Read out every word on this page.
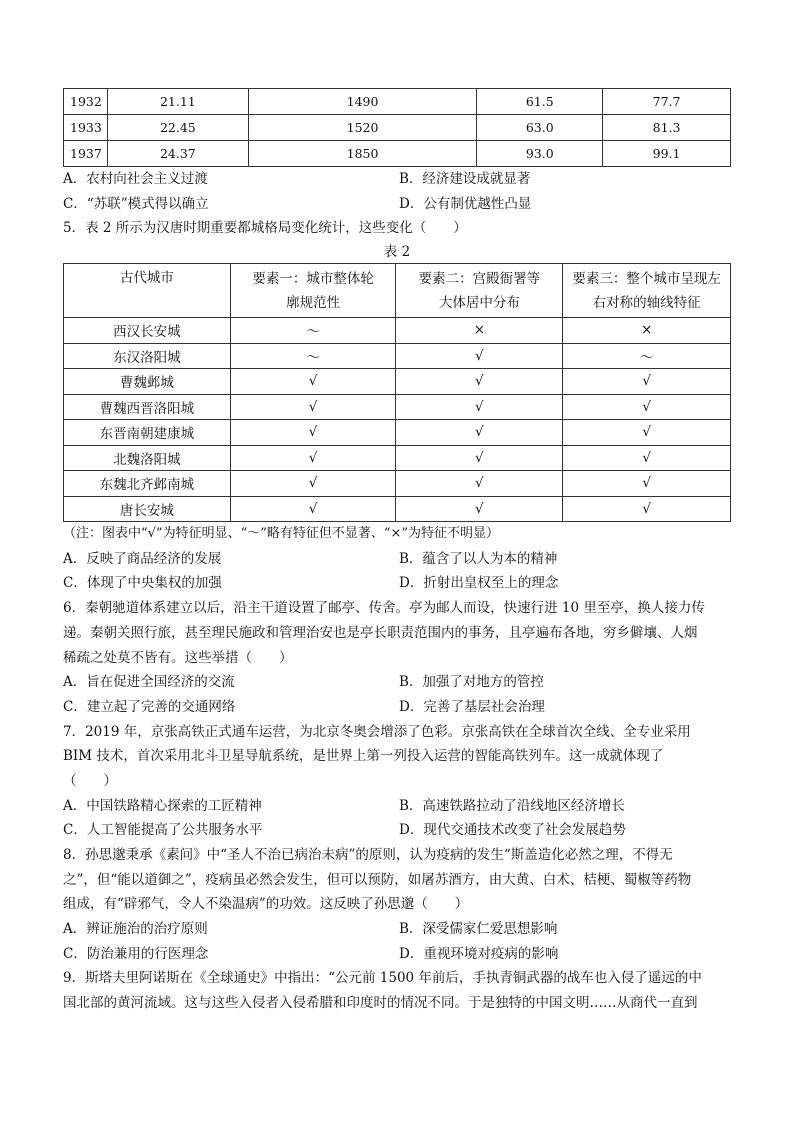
1932	21.11	1490	61.5	77.7
1933	22.45	1520	63.0	81.3
1937	24.37	1850	93.0	99.1
A．农村向社会主义过渡	B．经济建设成就显著
C．“苏联”模式得以确立	D．公有制优越性凸显
5．表 2 所示为汉唐时期重要都城格局变化统计，这些变化（　　）
表 2
古代城市	要素一：城市整体轮廓规范性	要素二：宫殿衙署等大体居中分布	要素三：整个城市呈现左右对称的轴线特征
西汉长安城	～	×	×
东汉洛阳城	～	√	～
曹魏邺城	√	√	√
曹魏西晋洛阳城	√	√	√
东晋南朝建康城	√	√	√
北魏洛阳城	√	√	√
东魏北齐邺南城	√	√	√
唐长安城	√	√	√
（注：图表中“√”为特征明显、“～”略有特征但不显著、“×”为特征不明显）
A．反映了商品经济的发展	B．蕴含了以人为本的精神
C．体现了中央集权的加强	D．折射出皇权至上的理念
6．秦朝驰道体系建立以后，沿主干道设置了邮亭、传舍。亭为邮人而设，快速行进 10 里至亭，换人接力传
递。秦朝关照行旅，甚至理民施政和管理治安也是亭长职责范围内的事务，且亭遍布各地，穷乡僻壤、人烟
稀疏之处莫不皆有。这些举措（　　）
A．旨在促进全国经济的交流	B．加强了对地方的管控
C．建立起了完善的交通网络	D．完善了基层社会治理
7．2019 年，京张高铁正式通车运营，为北京冬奥会增添了色彩。京张高铁在全球首次全线、全专业采用
BIM 技术，首次采用北斗卫星导航系统，是世界上第一列投入运营的智能高铁列车。这一成就体现了
（　　）
A．中国铁路精心探索的工匠精神	B．高速铁路拉动了沿线地区经济增长
C．人工智能提高了公共服务水平	D．现代交通技术改变了社会发展趋势
8．孙思邈秉承《素问》中“圣人不治已病治未病”的原则，认为疫病的发生“斯盖造化必然之理，不得无
之”，但“能以道御之”，疫病虽必然会发生，但可以预防，如屠苏酒方，由大黄、白术、桔梗、蜀椒等药物
组成，有“辟邪气，令人不染温病”的功效。这反映了孙思邈（　　）
A．辨证施治的治疗原则	B．深受儒家仁爱思想影响
C．防治兼用的行医理念	D．重视环境对疫病的影响
9．斯塔夫里阿诺斯在《全球通史》中指出：“公元前 1500 年前后，手执青铜武器的战车也入侵了遥远的中
国北部的黄河流域。这与这些入侵者入侵希腊和印度时的情况不同。于是独特的中国文明……从商代一直到
